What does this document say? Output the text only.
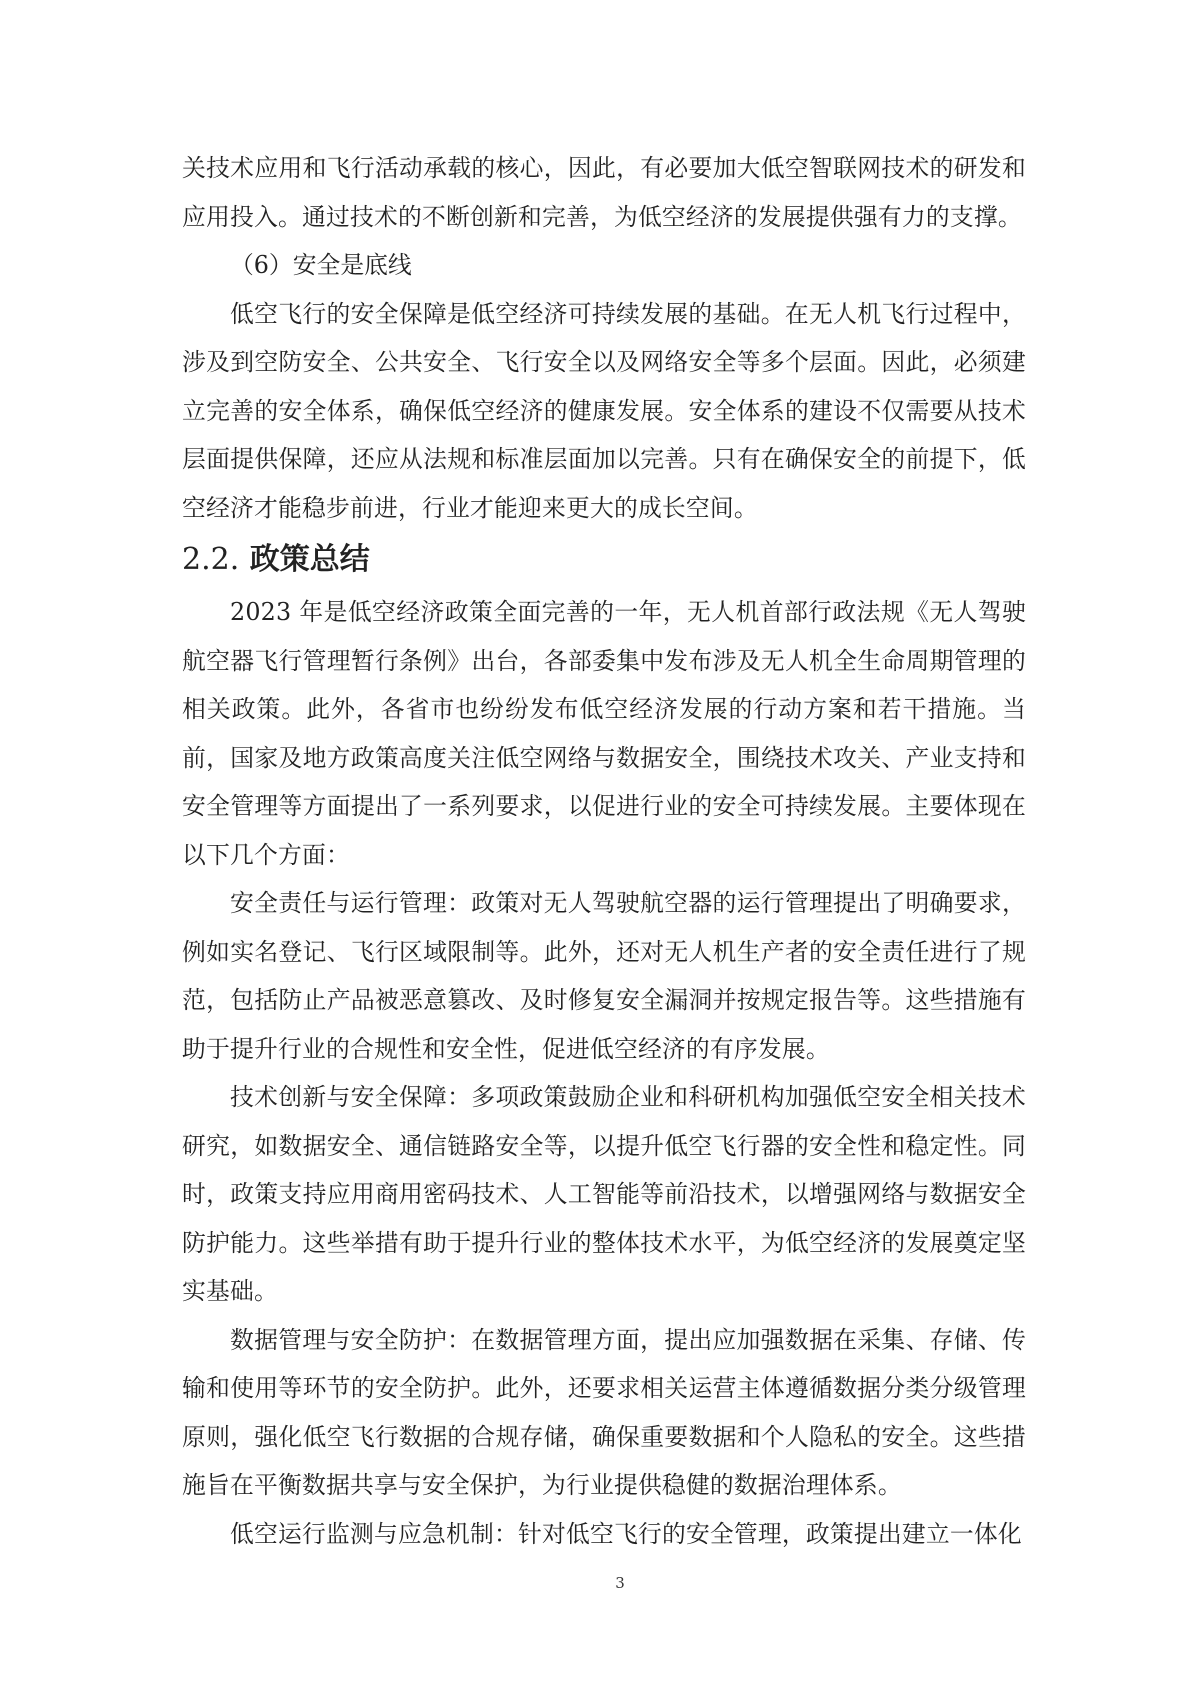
关技术应用和飞行活动承载的核心，因此，有必要加大低空智联网技术的研发和应用投入。通过技术的不断创新和完善，为低空经济的发展提供强有力的支撑。

（6）安全是底线

低空飞行的安全保障是低空经济可持续发展的基础。在无人机飞行过程中，涉及到空防安全、公共安全、飞行安全以及网络安全等多个层面。因此，必须建立完善的安全体系，确保低空经济的健康发展。安全体系的建设不仅需要从技术层面提供保障，还应从法规和标准层面加以完善。只有在确保安全的前提下，低空经济才能稳步前进，行业才能迎来更大的成长空间。

2.2. 政策总结

2023 年是低空经济政策全面完善的一年，无人机首部行政法规《无人驾驶航空器飞行管理暂行条例》出台，各部委集中发布涉及无人机全生命周期管理的相关政策。此外，各省市也纷纷发布低空经济发展的行动方案和若干措施。当前，国家及地方政策高度关注低空网络与数据安全，围绕技术攻关、产业支持和安全管理等方面提出了一系列要求，以促进行业的安全可持续发展。主要体现在以下几个方面：

安全责任与运行管理：政策对无人驾驶航空器的运行管理提出了明确要求，例如实名登记、飞行区域限制等。此外，还对无人机生产者的安全责任进行了规范，包括防止产品被恶意篡改、及时修复安全漏洞并按规定报告等。这些措施有助于提升行业的合规性和安全性，促进低空经济的有序发展。

技术创新与安全保障：多项政策鼓励企业和科研机构加强低空安全相关技术研究，如数据安全、通信链路安全等，以提升低空飞行器的安全性和稳定性。同时，政策支持应用商用密码技术、人工智能等前沿技术，以增强网络与数据安全防护能力。这些举措有助于提升行业的整体技术水平，为低空经济的发展奠定坚实基础。

数据管理与安全防护：在数据管理方面，提出应加强数据在采集、存储、传输和使用等环节的安全防护。此外，还要求相关运营主体遵循数据分类分级管理原则，强化低空飞行数据的合规存储，确保重要数据和个人隐私的安全。这些措施旨在平衡数据共享与安全保护，为行业提供稳健的数据治理体系。

低空运行监测与应急机制：针对低空飞行的安全管理，政策提出建立一体化

3
